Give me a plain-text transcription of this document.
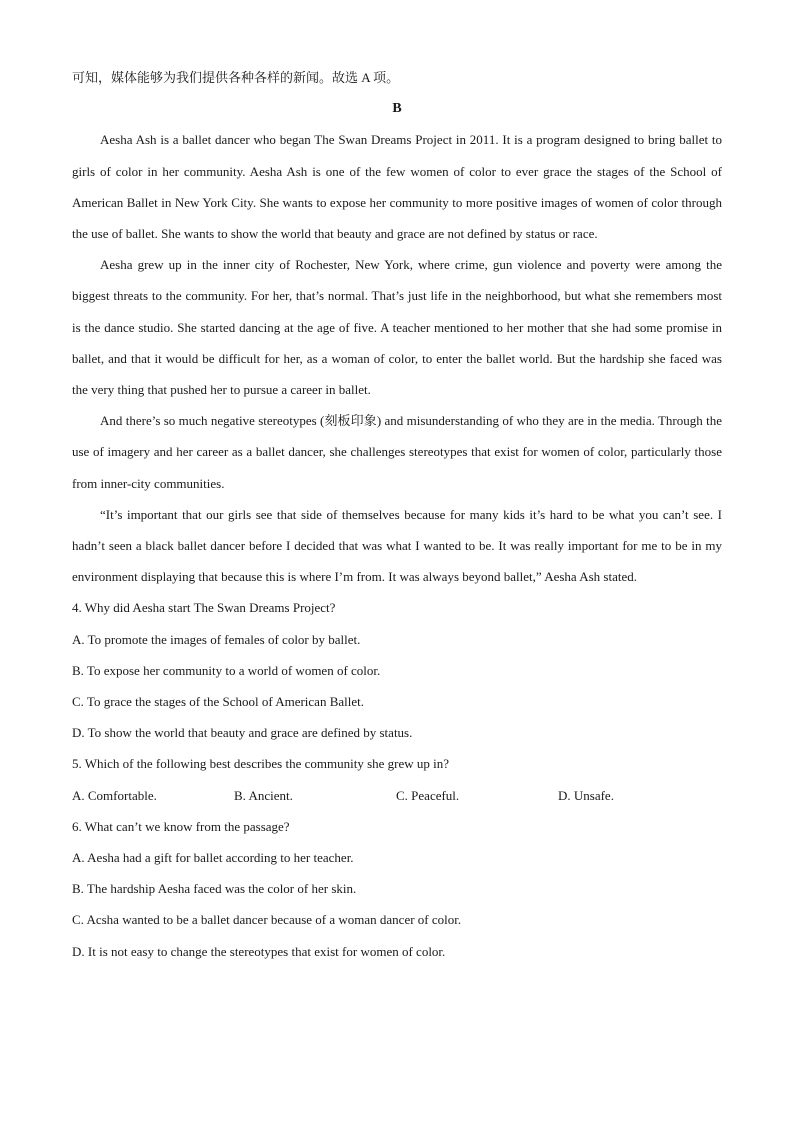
可知，媒体能够为我们提供各种各样的新闻。故选 A 项。

B

Aesha Ash is a ballet dancer who began The Swan Dreams Project in 2011. It is a program designed to bring ballet to girls of color in her community. Aesha Ash is one of the few women of color to ever grace the stages of the School of American Ballet in New York City. She wants to expose her community to more positive images of women of color through the use of ballet. She wants to show the world that beauty and grace are not defined by status or race.

Aesha grew up in the inner city of Rochester, New York, where crime, gun violence and poverty were among the biggest threats to the community. For her, that’s normal. That’s just life in the neighborhood, but what she remembers most is the dance studio. She started dancing at the age of five. A teacher mentioned to her mother that she had some promise in ballet, and that it would be difficult for her, as a woman of color, to enter the ballet world. But the hardship she faced was the very thing that pushed her to pursue a career in ballet.

And there’s so much negative stereotypes (刻板印象) and misunderstanding of who they are in the media. Through the use of imagery and her career as a ballet dancer, she challenges stereotypes that exist for women of color, particularly those from inner-city communities.

“It’s important that our girls see that side of themselves because for many kids it’s hard to be what you can’t see. I hadn’t seen a black ballet dancer before I decided that was what I wanted to be. It was really important for me to be in my environment displaying that because this is where I’m from. It was always beyond ballet,” Aesha Ash stated.

4. Why did Aesha start The Swan Dreams Project?

A. To promote the images of females of color by ballet.

B. To expose her community to a world of women of color.

C. To grace the stages of the School of American Ballet.

D. To show the world that beauty and grace are defined by status.

5. Which of the following best describes the community she grew up in?

A. Comfortable.	B. Ancient.	C. Peaceful.	D. Unsafe.

6. What can’t we know from the passage?

A. Aesha had a gift for ballet according to her teacher.

B. The hardship Aesha faced was the color of her skin.

C. Acsha wanted to be a ballet dancer because of a woman dancer of color.

D. It is not easy to change the stereotypes that exist for women of color.
